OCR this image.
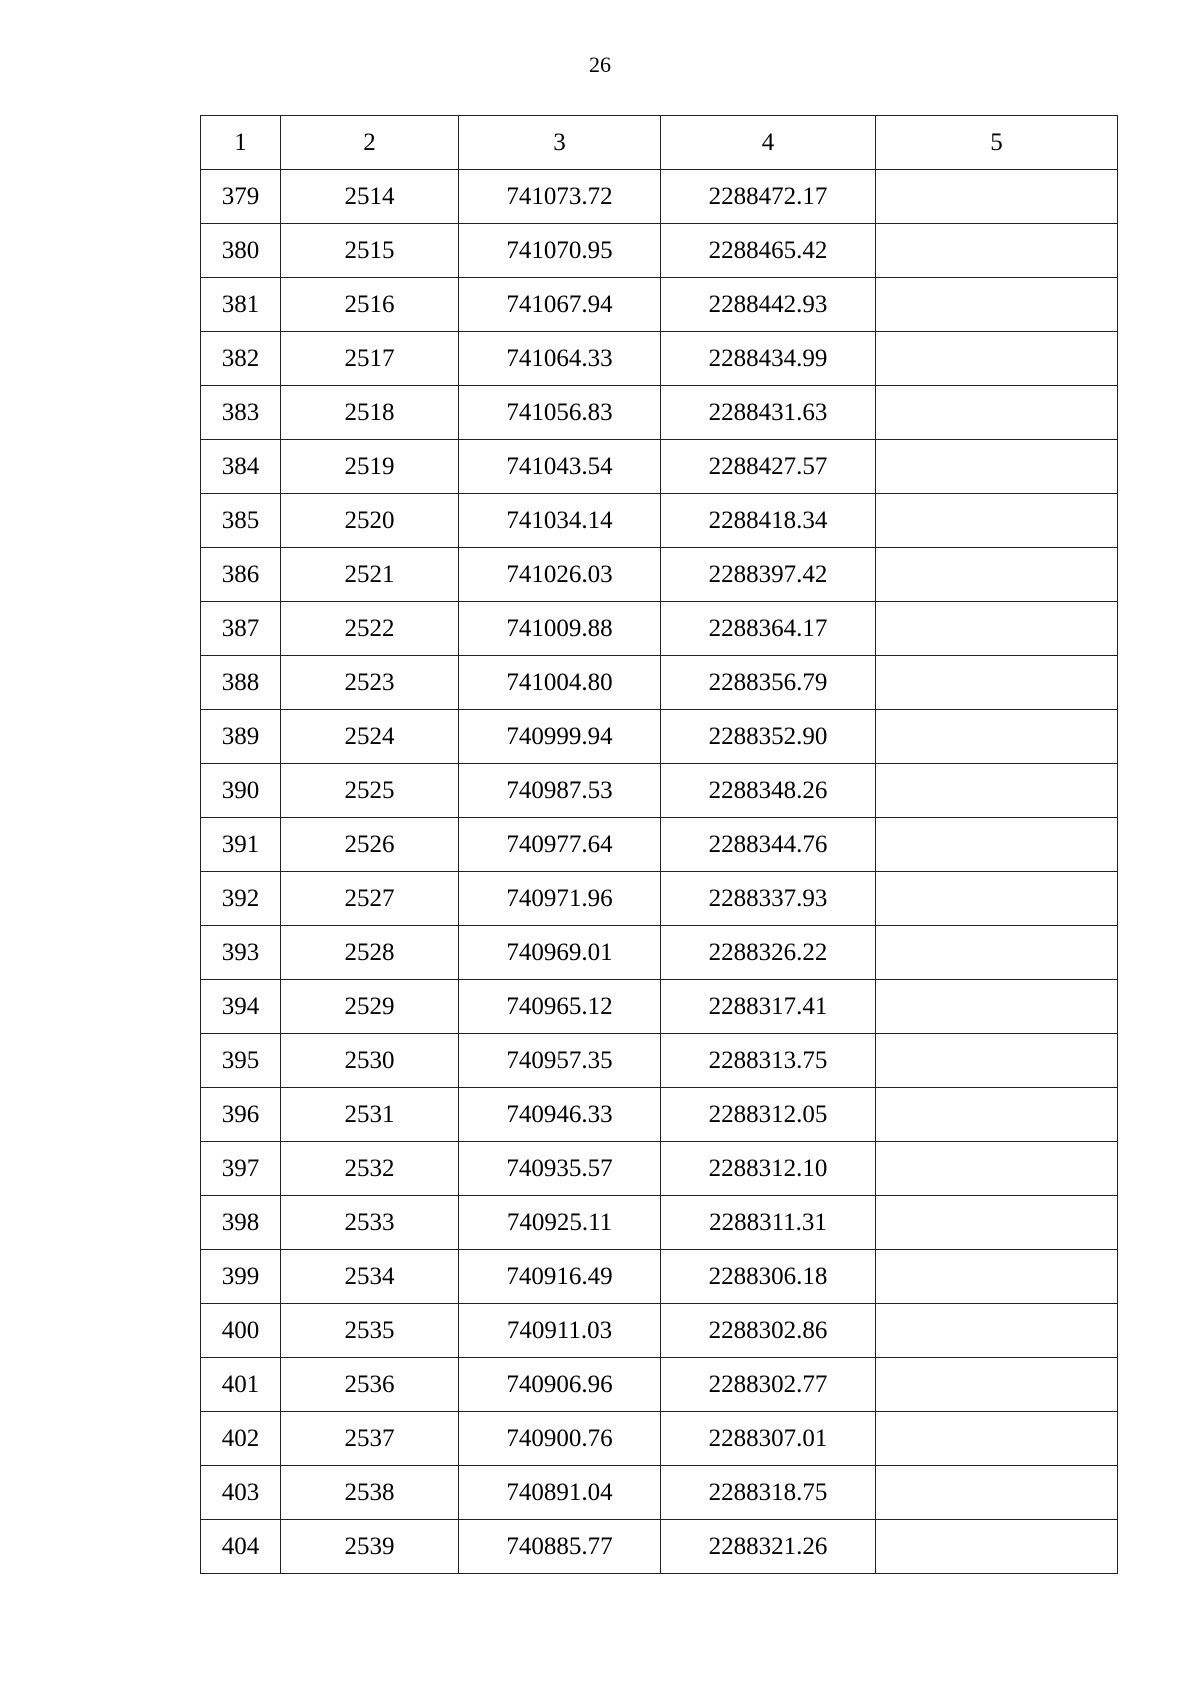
26
1	2	3	4	5
379	2514	741073.72	2288472.17	
380	2515	741070.95	2288465.42	
381	2516	741067.94	2288442.93	
382	2517	741064.33	2288434.99	
383	2518	741056.83	2288431.63	
384	2519	741043.54	2288427.57	
385	2520	741034.14	2288418.34	
386	2521	741026.03	2288397.42	
387	2522	741009.88	2288364.17	
388	2523	741004.80	2288356.79	
389	2524	740999.94	2288352.90	
390	2525	740987.53	2288348.26	
391	2526	740977.64	2288344.76	
392	2527	740971.96	2288337.93	
393	2528	740969.01	2288326.22	
394	2529	740965.12	2288317.41	
395	2530	740957.35	2288313.75	
396	2531	740946.33	2288312.05	
397	2532	740935.57	2288312.10	
398	2533	740925.11	2288311.31	
399	2534	740916.49	2288306.18	
400	2535	740911.03	2288302.86	
401	2536	740906.96	2288302.77	
402	2537	740900.76	2288307.01	
403	2538	740891.04	2288318.75	
404	2539	740885.77	2288321.26	
